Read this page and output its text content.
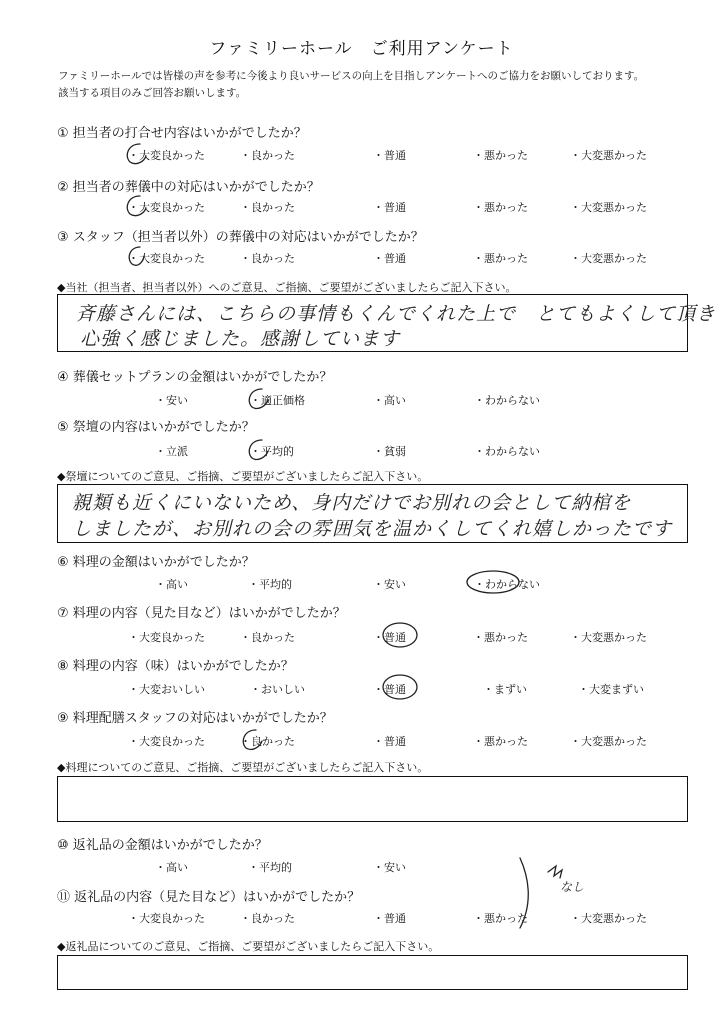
ファミリーホール　ご利用アンケート
ファミリーホールでは皆様の声を参考に今後より良いサービスの向上を目指しアンケートへのご協力をお願いしております。
該当する項目のみご回答お願いします。
① 担当者の打合せ内容はいかがでしたか？
・大変良かった	・良かった	・普通	・悪かった	・大変悪かった
② 担当者の葬儀中の対応はいかがでしたか？
・大変良かった	・良かった	・普通	・悪かった	・大変悪かった
③ スタッフ（担当者以外）の葬儀中の対応はいかがでしたか？
・大変良かった	・良かった	・普通	・悪かった	・大変悪かった
◆当社（担当者、担当者以外）へのご意見、ご指摘、ご要望がございましたらご記入下さい。
斉藤さんには、こちらの事情もくんでくれた上で　とてもよくして頂き
心強く感じました。感謝しています
④ 葬儀セットプランの金額はいかがでしたか？
・安い	・適正価格	・高い	・わからない
⑤ 祭壇の内容はいかがでしたか？
・立派	・平均的	・貧弱	・わからない
◆祭壇についてのご意見、ご指摘、ご要望がございましたらご記入下さい。
親類も近くにいないため、身内だけでお別れの会として納棺を
しましたが、お別れの会の雰囲気を温かくしてくれ嬉しかったです
⑥ 料理の金額はいかがでしたか？
・高い	・平均的	・安い	・わからない
⑦ 料理の内容（見た目など）はいかがでしたか？
・大変良かった	・良かった	・普通	・悪かった	・大変悪かった
⑧ 料理の内容（味）はいかがでしたか？
・大変おいしい	・おいしい	・普通	・まずい	・大変まずい
⑨ 料理配膳スタッフの対応はいかがでしたか？
・大変良かった	・良かった	・普通	・悪かった	・大変悪かった
◆料理についてのご意見、ご指摘、ご要望がございましたらご記入下さい。
⑩ 返礼品の金額はいかがでしたか？
・高い	・平均的	・安い
⑪ 返礼品の内容（見た目など）はいかがでしたか？
・大変良かった	・良かった	・普通	・悪かった	・大変悪かった
なし
◆返礼品についてのご意見、ご指摘、ご要望がございましたらご記入下さい。
